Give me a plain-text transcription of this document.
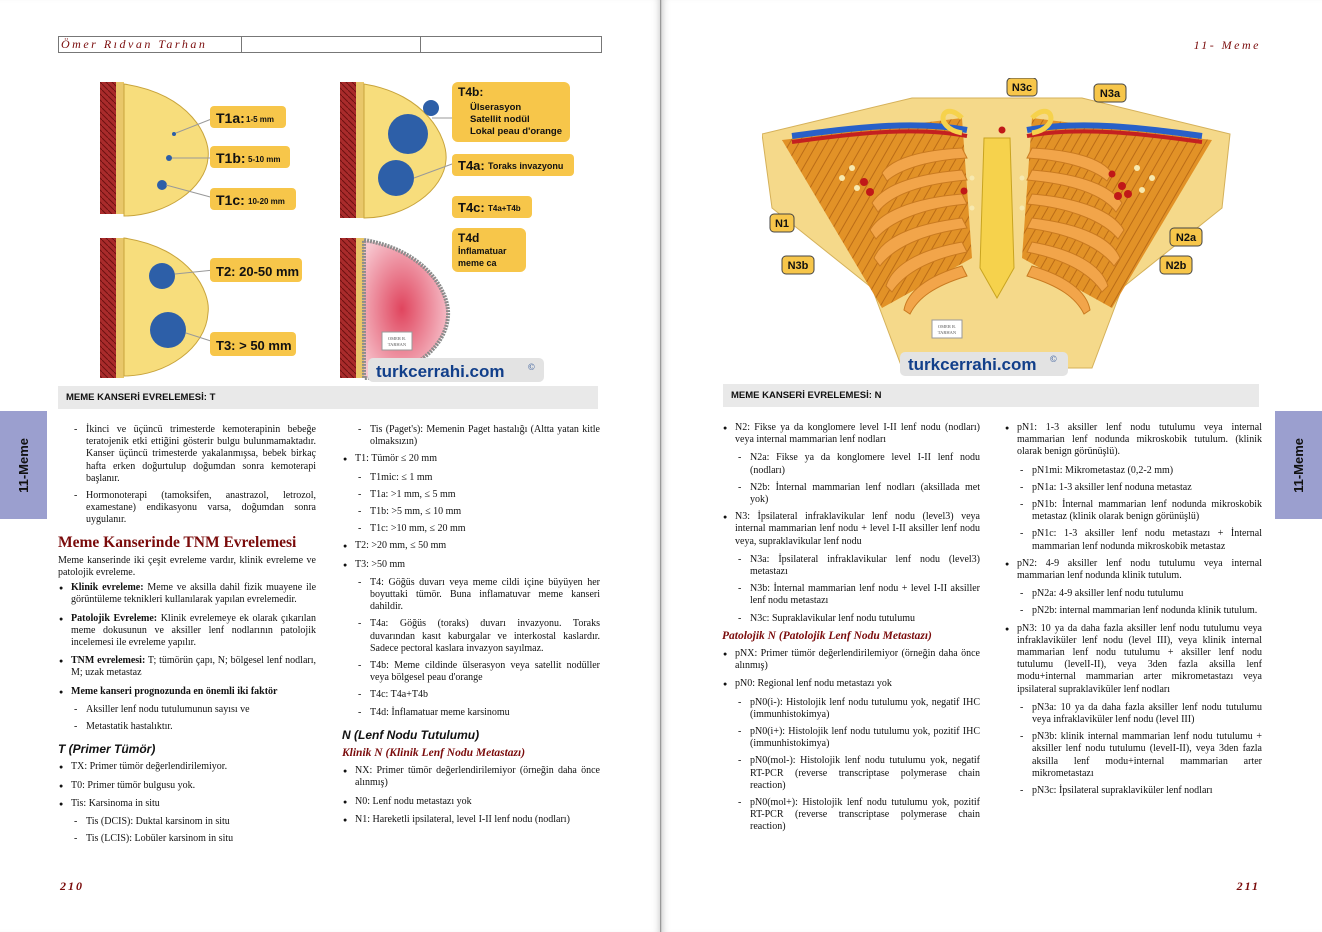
Ömer Rıdvan Tarhan
11-Meme
T1a: 1-5 mm
T1b: 5-10 mm
T1c: 10-20 mm
T2: 20-50 mm
T3: > 50 mm
T4b:
Ülserasyon
Satellit nodül
Lokal peau d'orange
T4a: Toraks invazyonu
T4c: T4a+T4b
OMER R.
TARHAN
T4d
İnflamatuar
meme ca
turkcerrahi.com	©
MEME KANSERİ EVRELEMESİ: T
- İkinci ve üçüncü trimesterde kemoterapinin bebeğe teratojenik etki ettiğini gösterir bulgu bulunmamaktadır. Kanser üçüncü trimesterde yakalanmışsa, bebek birkaç hafta erken doğurtulup doğumdan sonra kemoterapi başlanır.
- Hormonoterapi (tamoksifen, anastrazol, letrozol, examestane) endikasyonu varsa, doğumdan sonra uygulanır.
Meme Kanserinde TNM Evrelemesi

Meme kanserinde iki çeşit evreleme vardır, klinik evreleme ve patolojik evreleme.

● Klinik evreleme: Meme ve aksilla dahil fizik muayene ile görüntüleme teknikleri kullanılarak yapılan evrelemedir.
● Patolojik Evreleme: Klinik evrelemeye ek olarak çıkarılan meme dokusunun ve aksiller lenf nodlarının patolojik incelemesi ile evreleme yapılır.
● TNM evrelemesi: T; tümörün çapı, N; bölgesel lenf nodları, M; uzak metastaz
● Meme kanseri prognozunda en önemli iki faktör
- Aksiller lenf nodu tutulumunun sayısı ve
- Metastatik hastalıktır.
T (Primer Tümör)
● TX: Primer tümör değerlendirilemiyor.
● T0: Primer tümör bulgusu yok.
● Tis: Karsinoma in situ
- Tis (DCIS): Duktal karsinom in situ
- Tis (LCIS): Lobüler karsinom in situ
- Tis (Paget's): Memenin Paget hastalığı (Altta yatan kitle olmaksızın)
● T1: Tümör ≤ 20 mm
- T1mic: ≤ 1 mm
- T1a: >1 mm, ≤ 5 mm
- T1b: >5 mm, ≤ 10 mm
- T1c: >10 mm, ≤ 20 mm
● T2: >20 mm, ≤ 50 mm
● T3: >50 mm
- T4: Göğüs duvarı veya meme cildi içine büyüyen her boyuttaki tümör. Buna inflamatuvar meme kanseri dahildir.
- T4a: Göğüs (toraks) duvarı invazyonu. Toraks duvarından kasıt kaburgalar ve interkostal kaslardır. Sadece pectoral kaslara invazyon sayılmaz.
- T4b: Meme cildinde ülserasyon veya satellit nodüller veya bölgesel peau d'orange
- T4c: T4a+T4b
- T4d: İnflamatuar meme karsinomu
N (Lenf Nodu Tutulumu)
Klinik N (Klinik Lenf Nodu Metastazı)
● NX: Primer tümör değerlendirilemiyor (örneğin daha önce alınmış)
● N0: Lenf nodu metastazı yok
● N1: Hareketli ipsilateral, level I-II lenf nodu (nodları)
210
11- Meme
11-Meme
N3c	N3a
N1
N2a
N3b	N2b
OMER R.
TARHAN
turkcerrahi.com ©
MEME KANSERİ EVRELEMESİ: N
● N2: Fikse ya da konglomere level I-II lenf nodu (nodları) veya internal mammarian lenf nodları
- N2a: Fikse ya da konglomere level I-II lenf nodu (nodları)
- N2b: İnternal mammarian lenf nodları (aksillada met yok)
● N3: İpsilateral infraklavikular lenf nodu (level3) veya internal mammarian lenf nodu + level I-II aksiller lenf nodu veya, supraklavikular lenf nodu
- N3a: İpsilateral infraklavikular lenf nodu (level3) metastazı
- N3b: İnternal mammarian lenf nodu + level I-II aksiller lenf nodu metastazı
- N3c: Supraklavikular lenf nodu tutulumu
Patolojik N (Patolojik Lenf Nodu Metastazı)
● pNX: Primer tümör değerlendirilemiyor (örneğin daha önce alınmış)
● pN0: Regional lenf nodu metastazı yok
- pN0(i-): Histolojik lenf nodu tutulumu yok, negatif IHC (immunhistokimya)
- pN0(i+): Histolojik lenf nodu tutulumu yok, pozitif IHC (immunhistokimya)
- pN0(mol-): Histolojik lenf nodu tutulumu yok, negatif RT-PCR (reverse transcriptase polymerase chain reaction)
- pN0(mol+): Histolojik lenf nodu tutulumu yok, pozitif RT-PCR (reverse transcriptase polymerase chain reaction)
● pN1: 1-3 aksiller lenf nodu tutulumu veya internal mammarian lenf nodunda mikroskobik tutulum. (klinik olarak benign görünüşlü).
- pN1mi: Mikrometastaz (0,2-2 mm)
- pN1a: 1-3 aksiller lenf noduna metastaz
- pN1b: İnternal mammarian lenf nodunda mikroskobik metastaz (klinik olarak benign görünüşlü)
- pN1c: 1-3 aksiller lenf nodu metastazı + İnternal mammarian lenf nodunda mikroskobik metastaz
● pN2: 4-9 aksiller lenf nodu tutulumu veya internal mammarian lenf nodunda klinik tutulum.
- pN2a: 4-9 aksiller lenf nodu tutulumu
- pN2b: internal mammarian lenf nodunda klinik tutulum.
● pN3: 10 ya da daha fazla aksiller lenf nodu tutulumu veya infraklaviküler lenf nodu (level III), veya klinik internal mammarian lenf nodu tutulumu + aksiller lenf nodu tutulumu (levelI-II), veya 3den fazla aksilla lenf modu+internal mammarian arter mikrometastazı veya ipsilateral supraklaviküler lenf nodları
- pN3a: 10 ya da daha fazla aksiller lenf nodu tutulumu veya infraklaviküler lenf nodu (level III)
- pN3b: klinik internal mammarian lenf nodu tutulumu + aksiller lenf nodu tutulumu (levelI-II), veya 3den fazla aksilla lenf modu+internal mammarian arter mikrometastazı
- pN3c: İpsilateral supraklaviküler lenf nodları
211
